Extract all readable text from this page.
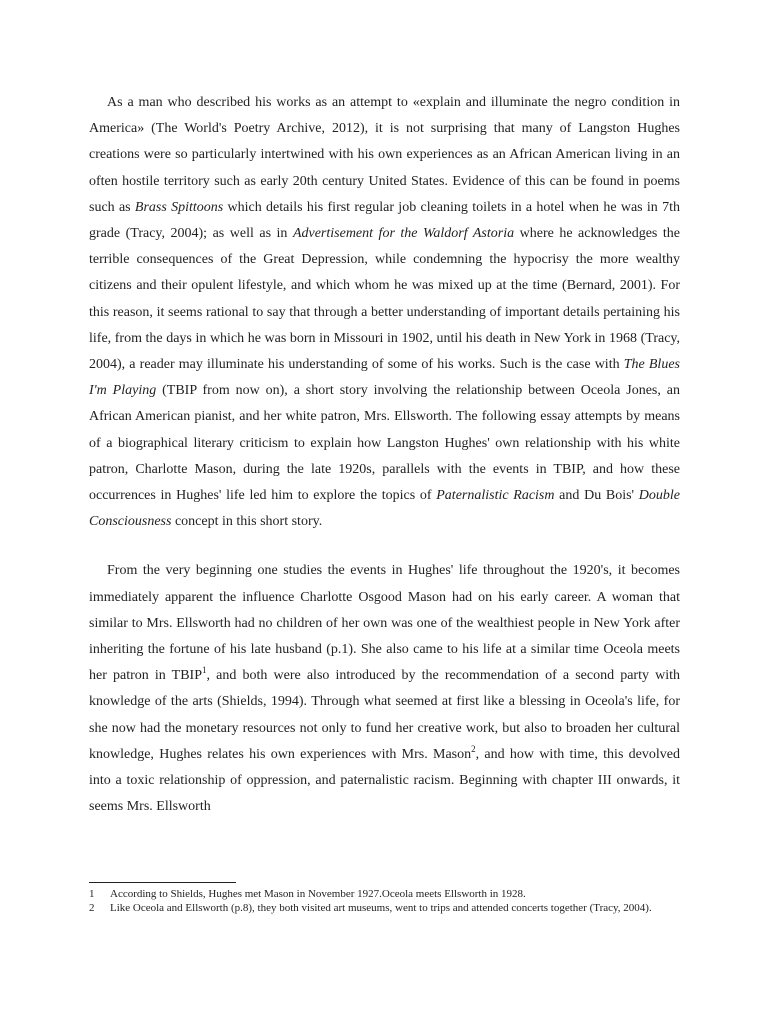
As a man who described his works as an attempt to «explain and illuminate the negro condition in America» (The World's Poetry Archive, 2012), it is not surprising that many of Langston Hughes creations were so particularly intertwined with his own experiences as an African American living in an often hostile territory such as early 20th century United States. Evidence of this can be found in poems such as Brass Spittoons which details his first regular job cleaning toilets in a hotel when he was in 7th grade (Tracy, 2004); as well as in Advertisement for the Waldorf Astoria where he acknowledges the terrible consequences of the Great Depression, while condemning the hypocrisy the more wealthy citizens and their opulent lifestyle, and which whom he was mixed up at the time (Bernard, 2001). For this reason, it seems rational to say that through a better understanding of important details pertaining his life, from the days in which he was born in Missouri in 1902, until his death in New York in 1968 (Tracy, 2004), a reader may illuminate his understanding of some of his works. Such is the case with The Blues I'm Playing (TBIP from now on), a short story involving the relationship between Oceola Jones, an African American pianist, and her white patron, Mrs. Ellsworth. The following essay attempts by means of a biographical literary criticism to explain how Langston Hughes' own relationship with his white patron, Charlotte Mason, during the late 1920s, parallels with the events in TBIP, and how these occurrences in Hughes' life led him to explore the topics of Paternalistic Racism and Du Bois' Double Consciousness concept in this short story.

From the very beginning one studies the events in Hughes' life throughout the 1920's, it becomes immediately apparent the influence Charlotte Osgood Mason had on his early career. A woman that similar to Mrs. Ellsworth had no children of her own was one of the wealthiest people in New York after inheriting the fortune of his late husband (p.1). She also came to his life at a similar time Oceola meets her patron in TBIP$^1$, and both were also introduced by the recommendation of a second party with knowledge of the arts (Shields, 1994). Through what seemed at first like a blessing in Oceola's life, for she now had the monetary resources not only to fund her creative work, but also to broaden her cultural knowledge, Hughes relates his own experiences with Mrs. Mason$^2$, and how with time, this devolved into a toxic relationship of oppression, and paternalistic racism. Beginning with chapter III onwards, it seems Mrs. Ellsworth

1	According to Shields, Hughes met Mason in November 1927.Oceola meets Ellsworth in 1928.
2	Like Oceola and Ellsworth (p.8), they both visited art museums, went to trips and attended concerts together (Tracy, 2004).
